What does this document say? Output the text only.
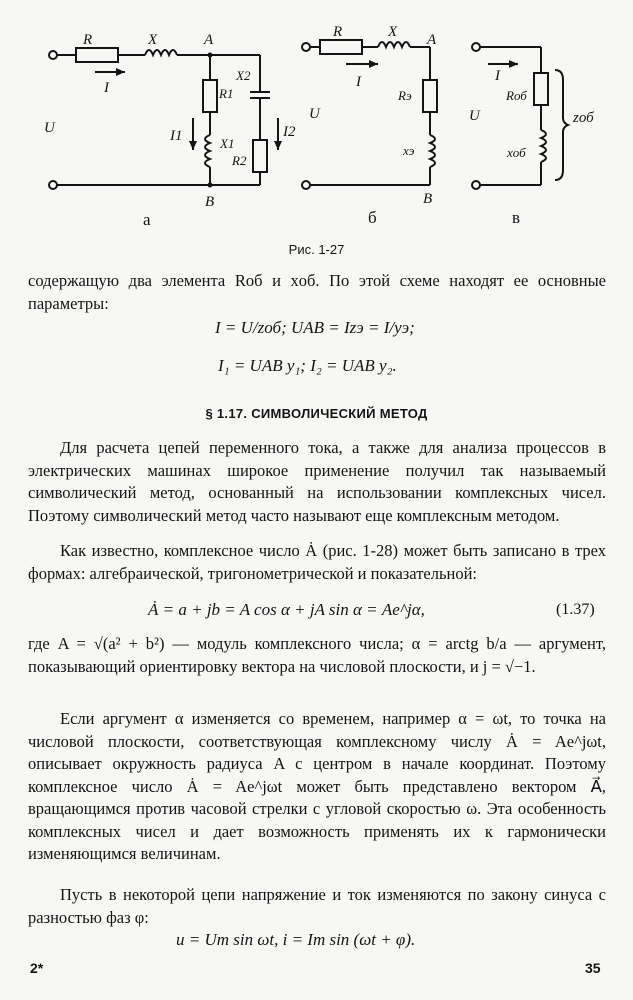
R	X	A
I
U
R1
X2
I1	I2
X1
R2
B
а
R	X A
I
U
Rэ
xэ
B
б
I
U
Rоб
xоб
zоб
в
Рис. 1-27

содержащую два элемента Rоб и xоб. По этой схеме находят ее основные параметры:

I = U/zоб; UAB = Izэ = I/yэ;
I₁ = UAB y₁; I₂ = UAB y₂.
§ 1.17. СИМВОЛИЧЕСКИЙ МЕТОД

Для расчета цепей переменного тока, а также для анализа процессов в электрических машинах широкое применение получил так называемый символический метод, основанный на использовании комплексных чисел. Поэтому символический метод часто называют еще комплексным методом.

Как известно, комплексное число Ȧ (рис. 1-28) может быть записано в трех формах: алгебраической, тригонометрической и показательной:

Ȧ = a + jb = A cos α + jA sin α = Ae^jα,	(1.37)

где A = √(a² + b²) — модуль комплексного числа; α = arctg b/a — аргумент, показывающий ориентировку вектора на числовой плоскости, и j = √−1.

Если аргумент α изменяется со временем, например α = ωt, то точка на числовой плоскости, соответствующая комплексному числу Ȧ = Ae^jωt, описывает окружность радиуса A с центром в начале координат. Поэтому комплексное число Ȧ = Ae^jωt может быть представлено вектором A⃗, вращающимся против часовой стрелки с угловой скоростью ω. Эта особенность комплексных чисел и дает возможность применять их к гармонически изменяющимся величинам.

Пусть в некоторой цепи напряжение и ток изменяются по закону синуса с разностью фаз φ:

u = Um sin ωt, i = Im sin (ωt + φ).
2*	35
